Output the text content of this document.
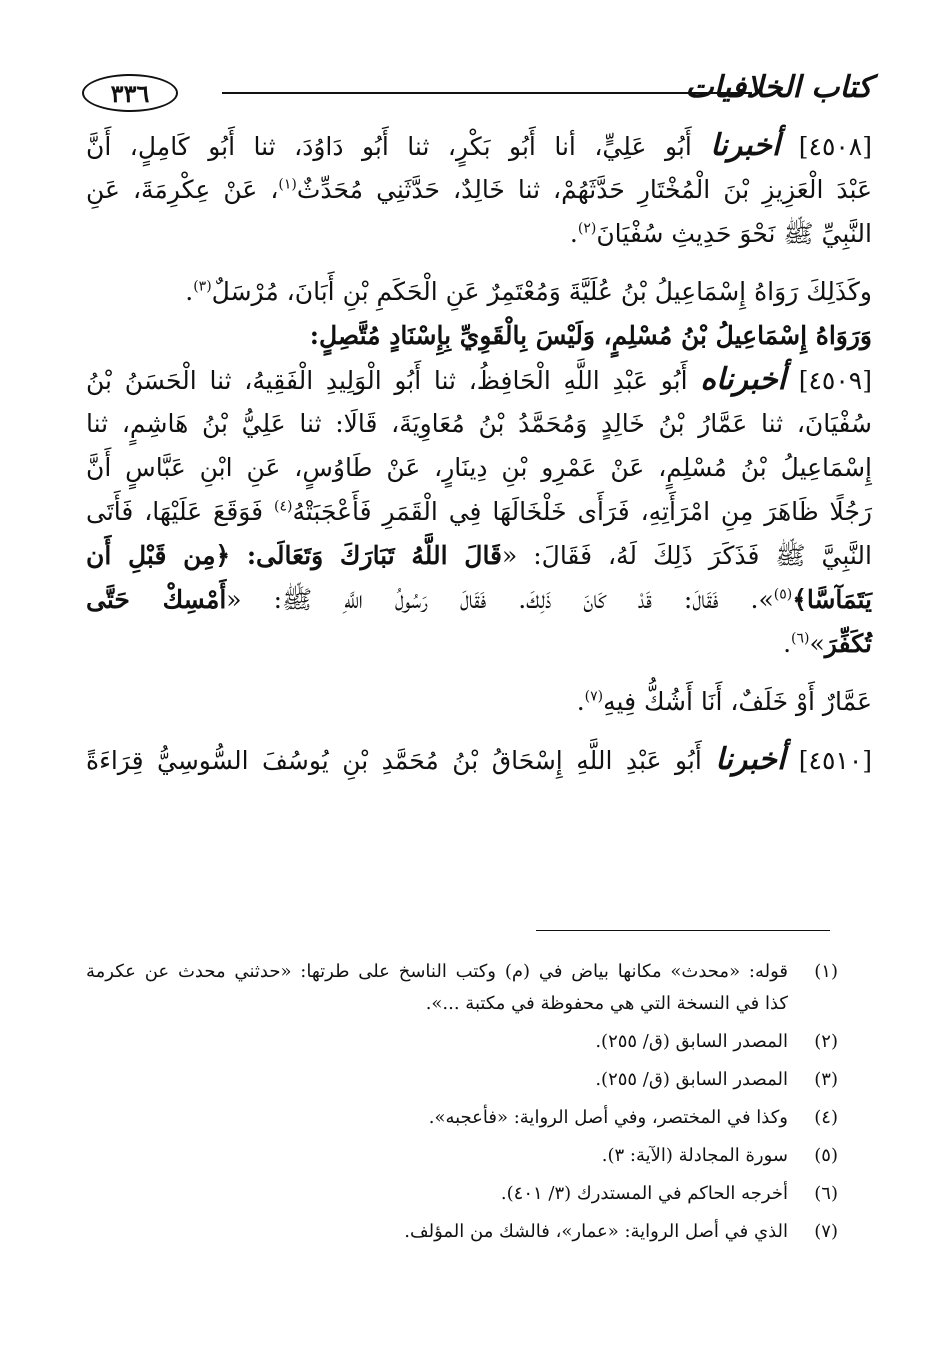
٣٣٦	كتاب الخلافيات
[٤٥٠٨] أخبرنا أَبُو عَلِيٍّ، أنا أَبُو بَكْرٍ، ثنا أَبُو دَاوُدَ، ثنا أَبُو كَامِلٍ، أَنَّ
عَبْدَ الْعَزِيزِ بْنَ الْمُخْتَارِ حَدَّثَهُمْ، ثنا خَالِدٌ، حَدَّثَنِي مُحَدِّثٌ$^{(١)}$، عَنْ عِكْرِمَةَ، عَنِ
النَّبِيِّ ﷺ نَحْوَ حَدِيثِ سُفْيَانَ$^{(٢)}$.
وكَذَلِكَ رَوَاهُ إِسْمَاعِيلُ بْنُ عُلَيَّةَ وَمُعْتَمِرٌ عَنِ الْحَكَمِ بْنِ أَبَانَ، مُرْسَلٌ$^{(٣)}$.
وَرَوَاهُ إِسْمَاعِيلُ بْنُ مُسْلِمٍ، وَلَيْسَ بِالْقَوِيِّ بِإِسْنَادٍ مُتَّصِلٍ:
[٤٥٠٩] أخبرناه أَبُو عَبْدِ اللَّهِ الْحَافِظُ، ثنا أَبُو الْوَلِيدِ الْفَقِيهُ، ثنا الْحَسَنُ بْنُ
سُفْيَانَ، ثنا عَمَّارُ بْنُ خَالِدٍ وَمُحَمَّدُ بْنُ مُعَاوِيَةَ، قَالَا: ثنا عَلِيُّ بْنُ هَاشِمٍ، ثنا
إِسْمَاعِيلُ بْنُ مُسْلِمٍ، عَنْ عَمْرِو بْنِ دِينَارٍ، عَنْ طَاوُسٍ، عَنِ ابْنِ عَبَّاسٍ أَنَّ
رَجُلًا ظَاهَرَ مِنِ امْرَأَتِهِ، فَرَأَى خَلْخَالَهَا فِي الْقَمَرِ فَأَعْجَبَتْهُ$^{(٤)}$ فَوَقَعَ عَلَيْهَا، فَأَتَى
النَّبِيَّ ﷺ فَذَكَرَ ذَلِكَ لَهُ، فَقَالَ: «قَالَ اللَّهُ تَبَارَكَ وَتَعَالَى: ﴿مِن قَبْلِ أَن
يَتَمَآسَّا﴾$^{(٥)}$». فَقَالَ: قَدْ كَانَ ذَلِكَ. فَقَالَ رَسُولُ اللَّهِ ﷺ: «أَمْسِكْ حَتَّى
تُكَفِّرَ»$^{(٦)}$.
عَمَّارٌ أَوْ خَلَفٌ، أَنَا أَشُكُّ فِيهِ$^{(٧)}$.
[٤٥١٠] أخبرنا أَبُو عَبْدِ اللَّهِ إِسْحَاقُ بْنُ مُحَمَّدِ بْنِ يُوسُفَ السُّوسِيُّ قِرَاءَةً
(١)
قوله: «محدث» مكانها بياض في (م) وكتب الناسخ على طرتها: «حدثني محدث عن عكرمة
كذا في النسخة التي هي محفوظة في مكتبة ...».
(٢)
المصدر السابق (ق/ ٢٥٥).
(٣)
المصدر السابق (ق/ ٢٥٥).
(٤)
وكذا في المختصر، وفي أصل الرواية: «فأعجبه».
(٥)
سورة المجادلة (الآية: ٣).
(٦)
أخرجه الحاكم في المستدرك (٣/ ٤٠١).
(٧)
الذي في أصل الرواية: «عمار»، فالشك من المؤلف.
